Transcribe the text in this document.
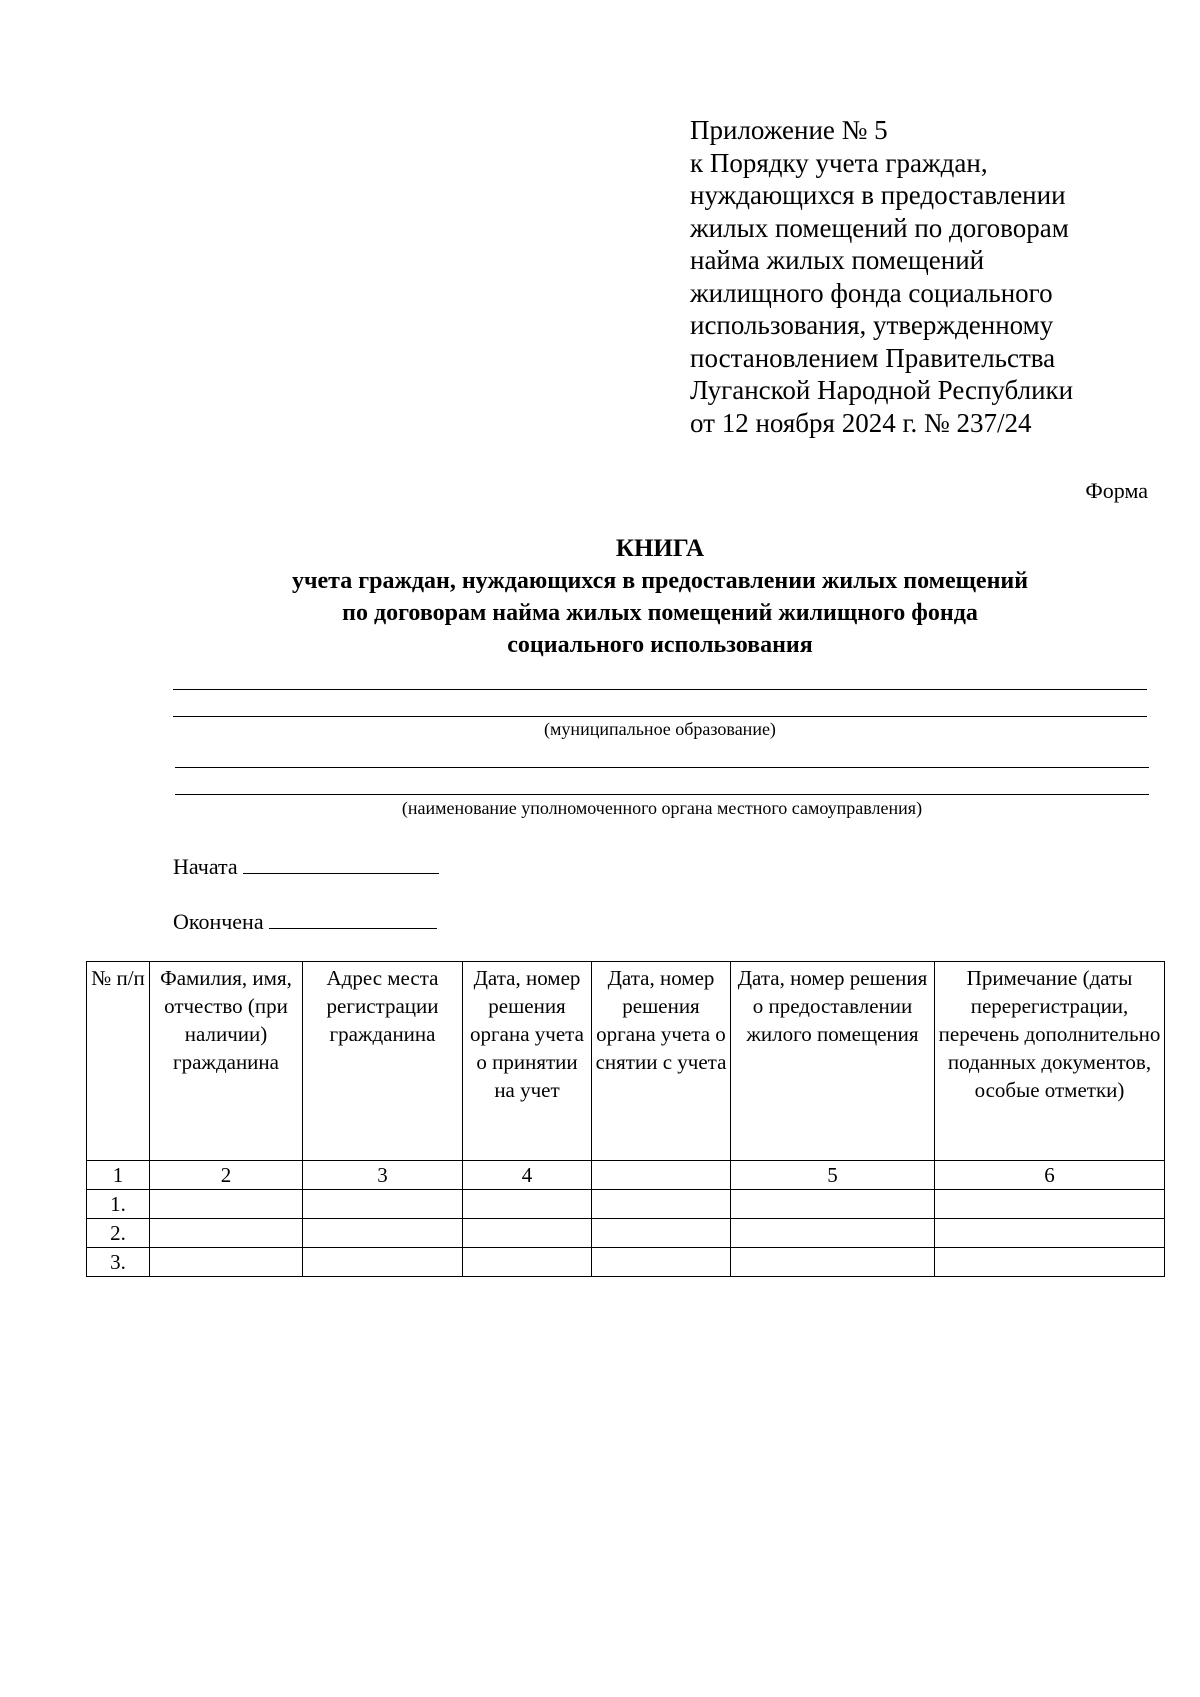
Приложение № 5
к Порядку учета граждан,
нуждающихся в предоставлении
жилых помещений по договорам
найма жилых помещений
жилищного фонда социального
использования, утвержденному
постановлением Правительства
Луганской Народной Республики
от 12 ноября 2024 г. № 237/24
Форма
КНИГА
учета граждан, нуждающихся в предоставлении жилых помещений
по договорам найма жилых помещений жилищного фонда
социального использования
(муниципальное образование)
(наименование уполномоченного органа местного самоуправления)
Начата
Окончена
№ п/п	Фамилия, имя, отчество (при наличии) гражданина	Адрес места регистрации гражданина	Дата, номер решения органа учета о принятии на учет	Дата, номер решения органа учета о снятии с учета	Дата, номер решения о предоставлении жилого помещения	Примечание (даты перерегистрации, перечень дополнительно поданных документов, особые отметки)
1	2	3	4		5	6
1.						
2.						
3.						
